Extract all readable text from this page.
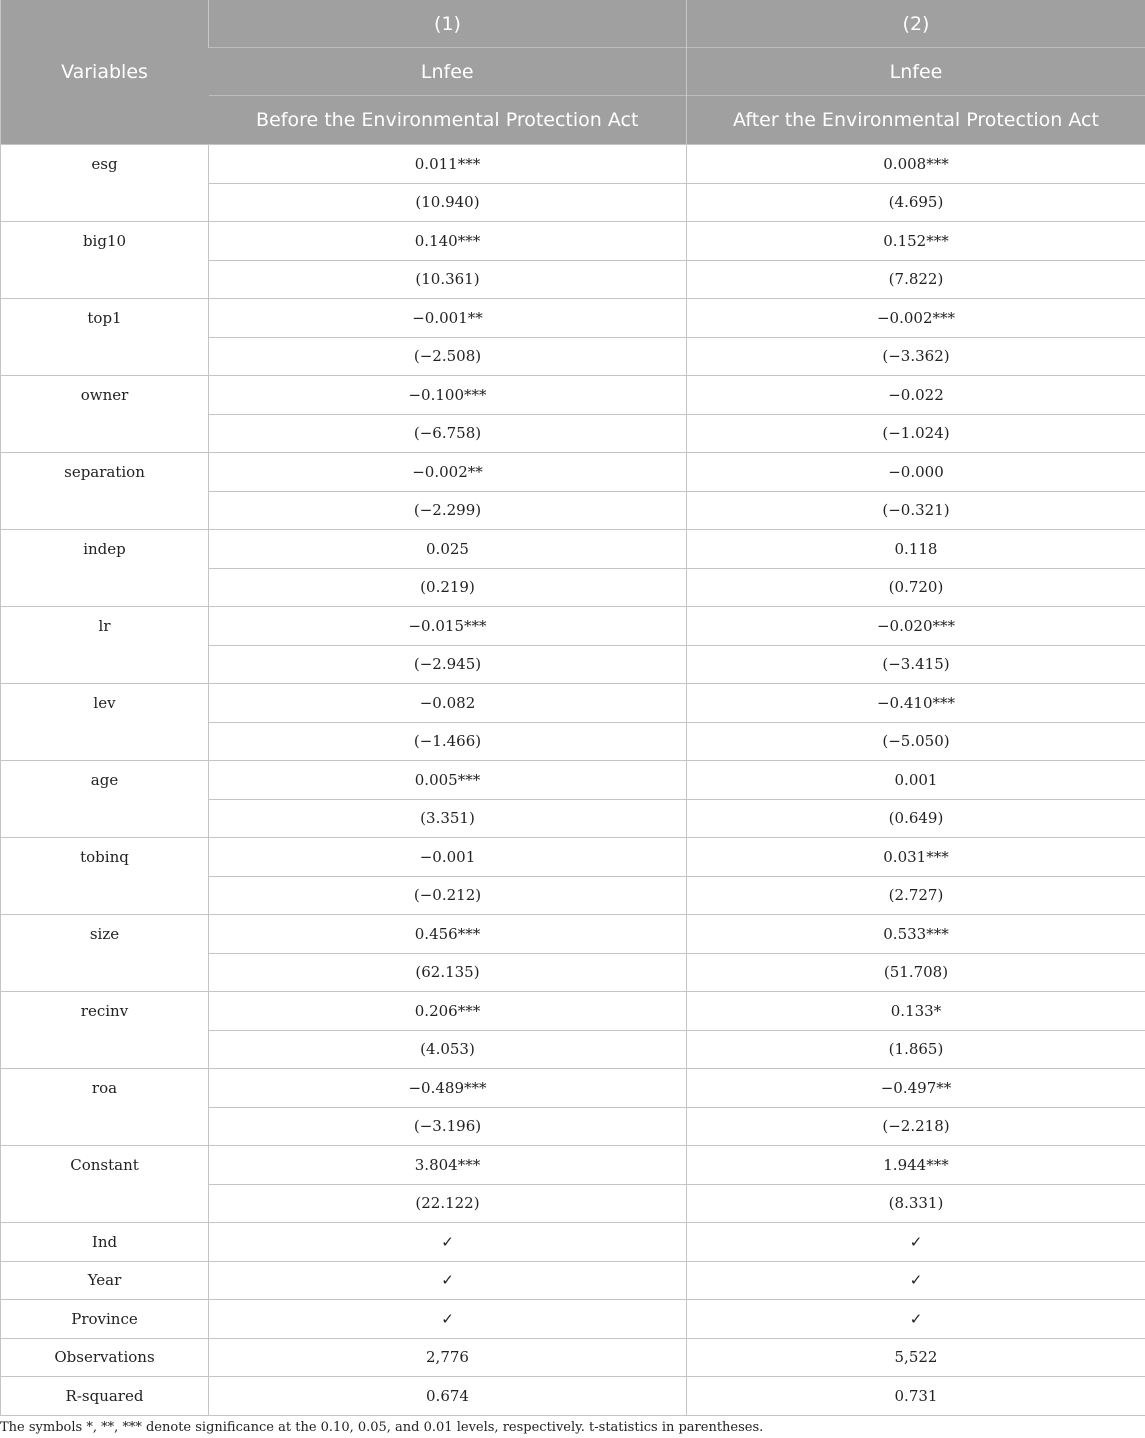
Variables	(1)	(2)
	Lnfee	Lnfee
	Before the Environmental Protection Act	After the Environmental Protection Act
esg	0.011***	0.008***
	(10.940)	(4.695)
big10	0.140***	0.152***
	(10.361)	(7.822)
top1	−0.001**	−0.002***
	(−2.508)	(−3.362)
owner	−0.100***	−0.022
	(−6.758)	(−1.024)
separation	−0.002**	−0.000
	(−2.299)	(−0.321)
indep	0.025	0.118
	(0.219)	(0.720)
lr	−0.015***	−0.020***
	(−2.945)	(−3.415)
lev	−0.082	−0.410***
	(−1.466)	(−5.050)
age	0.005***	0.001
	(3.351)	(0.649)
tobinq	−0.001	0.031***
	(−0.212)	(2.727)
size	0.456***	0.533***
	(62.135)	(51.708)
recinv	0.206***	0.133*
	(4.053)	(1.865)
roa	−0.489***	−0.497**
	(−3.196)	(−2.218)
Constant	3.804***	1.944***
	(22.122)	(8.331)
Ind	✓	✓
Year	✓	✓
Province	✓	✓
Observations	2,776	5,522
R-squared	0.674	0.731
The symbols *, **, *** denote significance at the 0.10, 0.05, and 0.01 levels, respectively. t-statistics in parentheses.
